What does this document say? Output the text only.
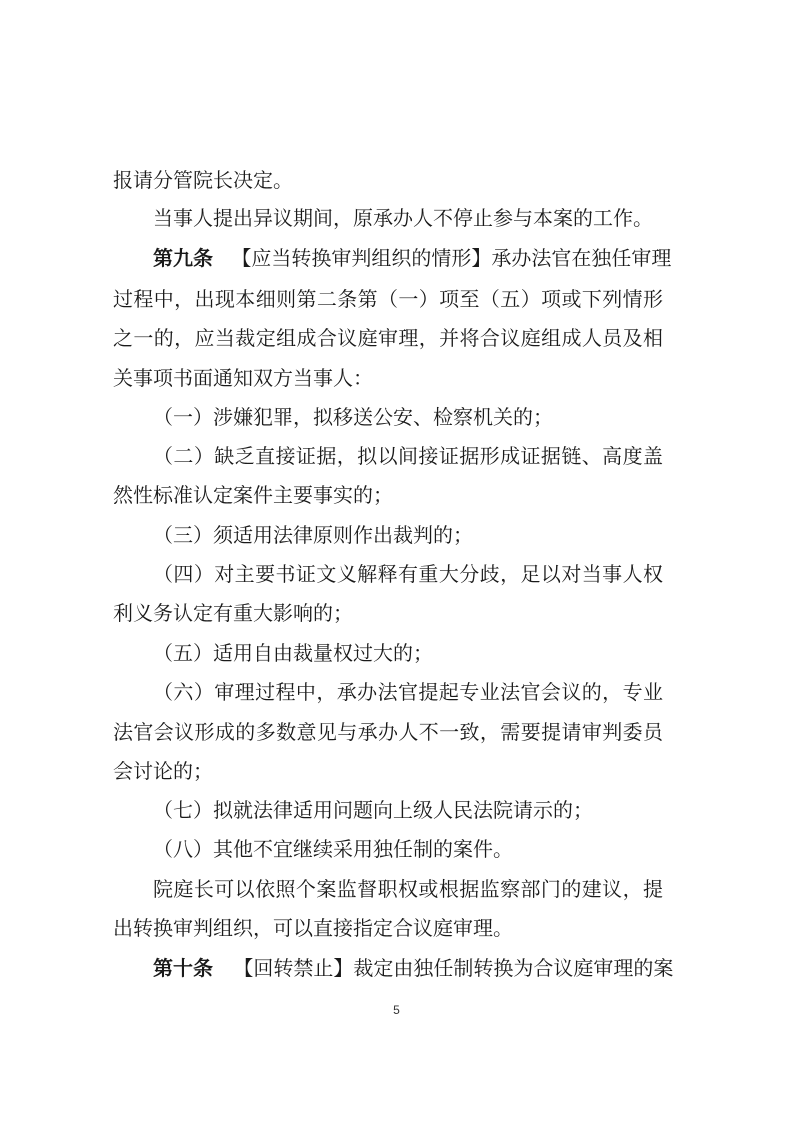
报请分管院长决定。
当事人提出异议期间，原承办人不停止参与本案的工作。
第九条 【应当转换审判组织的情形】承办法官在独任审理
过程中，出现本细则第二条第（一）项至（五）项或下列情形
之一的，应当裁定组成合议庭审理，并将合议庭组成人员及相
关事项书面通知双方当事人：
（一）涉嫌犯罪，拟移送公安、检察机关的；
（二）缺乏直接证据，拟以间接证据形成证据链、高度盖
然性标准认定案件主要事实的；
（三）须适用法律原则作出裁判的；
（四）对主要书证文义解释有重大分歧，足以对当事人权
利义务认定有重大影响的；
（五）适用自由裁量权过大的；
（六）审理过程中，承办法官提起专业法官会议的，专业
法官会议形成的多数意见与承办人不一致，需要提请审判委员
会讨论的；
（七）拟就法律适用问题向上级人民法院请示的；
（八）其他不宜继续采用独任制的案件。
院庭长可以依照个案监督职权或根据监察部门的建议，提
出转换审判组织，可以直接指定合议庭审理。
第十条 【回转禁止】裁定由独任制转换为合议庭审理的案
5
